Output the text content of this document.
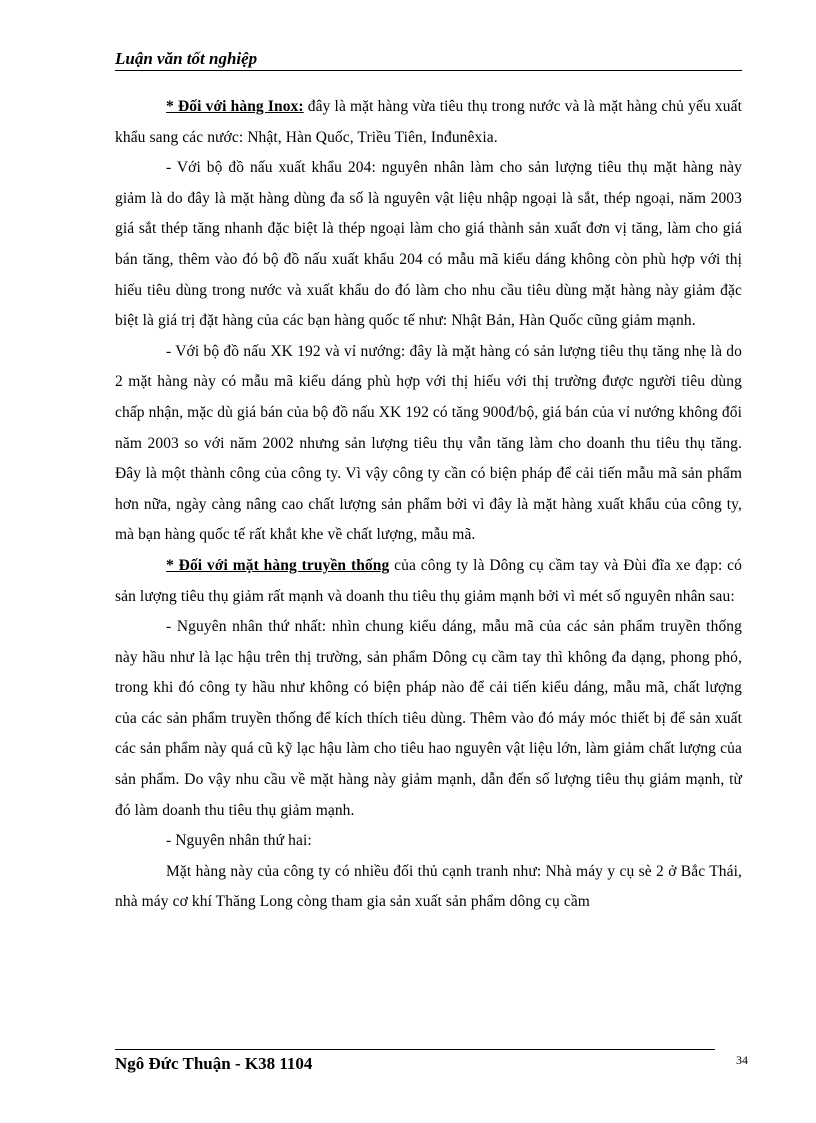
Luận văn tốt nghiệp

* Đối với hàng Inox: đây là mặt hàng vừa tiêu thụ trong nước và là mặt hàng chủ yếu xuất khẩu sang các nước: Nhật, Hàn Quốc, Triều Tiên, Inđunêxia.

- Với bộ đồ nấu xuất khẩu 204: nguyên nhân làm cho sản lượng tiêu thụ mặt hàng này giảm là do đây là mặt hàng dùng đa số là nguyên vật liệu nhập ngoại là sắt, thép ngoại, năm 2003 giá sắt thép tăng nhanh đặc biệt là thép ngoại làm cho giá thành sản xuất đơn vị tăng, làm cho giá bán tăng, thêm vào đó bộ đồ nấu xuất khẩu 204 có mẫu mã kiểu dáng không còn phù hợp với thị hiếu tiêu dùng trong nước và xuất khẩu do đó làm cho nhu cầu tiêu dùng mặt hàng này giảm đặc biệt là giá trị đặt hàng của các bạn hàng quốc tế như: Nhật Bản, Hàn Quốc cũng giảm mạnh.

- Với bộ đồ nấu XK 192 và vỉ nướng: đây là mặt hàng có sản lượng tiêu thụ tăng nhẹ là do 2 mặt hàng này có mẫu mã kiểu dáng phù hợp với thị hiếu với thị trường được người tiêu dùng chấp nhận, mặc dù giá bán của bộ đồ nấu XK 192 có tăng 900đ/bộ, giá bán của vỉ nướng không đổi năm 2003 so với năm 2002 nhưng sản lượng tiêu thụ vẫn tăng làm cho doanh thu tiêu thụ tăng. Đây là một thành công của công ty. Vì vậy công ty cần có biện pháp để cải tiến mẫu mã sản phẩm hơn nữa, ngày càng nâng cao chất lượng sản phẩm bởi vì đây là mặt hàng xuất khẩu của công ty, mà bạn hàng quốc tế rất khắt khe về chất lượng, mẫu mã.

* Đối với mặt hàng truyền thống của công ty là Dông cụ cầm tay và Đùi đĩa xe đạp: có sản lượng tiêu thụ giảm rất mạnh và doanh thu tiêu thụ giảm mạnh bởi vì mét số nguyên nhân sau:

- Nguyên nhân thứ nhất: nhìn chung kiểu dáng, mẫu mã của các sản phẩm truyền thống này hầu như là lạc hậu trên thị trường, sản phẩm Dông cụ cầm tay thì không đa dạng, phong phó, trong khi đó công ty hầu như không có biện pháp nào để cải tiến kiểu dáng, mẫu mã, chất lượng của các sản phẩm truyền thống để kích thích tiêu dùng. Thêm vào đó máy móc thiết bị để sản xuất các sản phẩm này quá cũ kỹ lạc hậu làm cho tiêu hao nguyên vật liệu lớn, làm giảm chất lượng của sản phẩm. Do vậy nhu cầu về mặt hàng này giảm mạnh, dẫn đến số lượng tiêu thụ giảm mạnh, từ đó làm doanh thu tiêu thụ giảm mạnh.

- Nguyên nhân thứ hai:

Mặt hàng này của công ty có nhiều đối thủ cạnh tranh như: Nhà máy y cụ sè 2 ở Bắc Thái, nhà máy cơ khí Thăng Long còng tham gia sản xuất sản phẩm dông cụ cầm

Ngô Đức Thuận - K38 1104	34
